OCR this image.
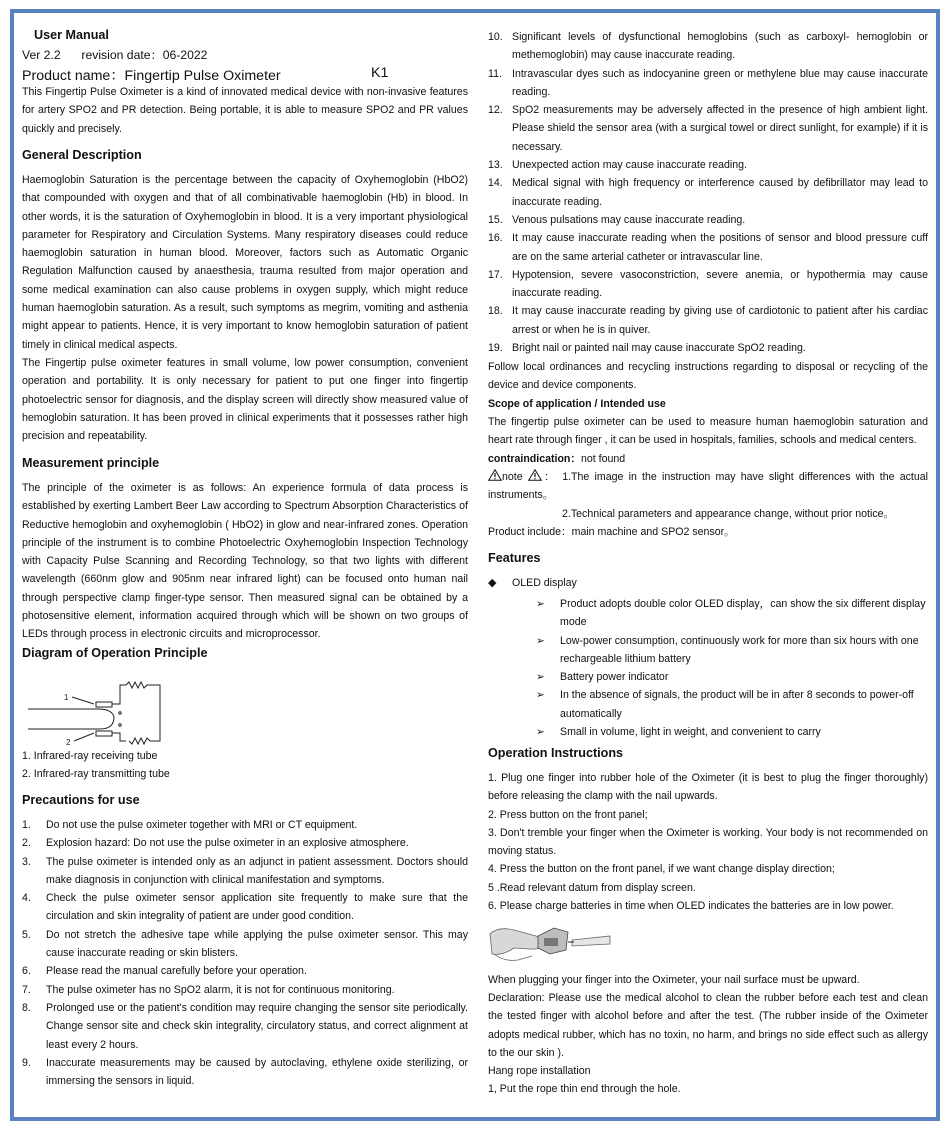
User Manual
Ver 2.2 revision date：06-2022
Product name：Fingertip Pulse Oximeter	K1

This Fingertip Pulse Oximeter is a kind of innovated medical device with non-invasive features for artery SPO2 and PR detection. Being portable, it is able to measure SPO2 and PR values quickly and precisely.

General Description

Haemoglobin Saturation is the percentage between the capacity of Oxyhemoglobin (HbO2) that compounded with oxygen and that of all combinativable haemoglobin (Hb) in blood. In other words, it is the saturation of Oxyhemoglobin in blood. It is a very important physiological parameter for Respiratory and Circulation Systems. Many respiratory diseases could reduce haemoglobin saturation in human blood. Moreover, factors such as Automatic Organic Regulation Malfunction caused by anaesthesia, trauma resulted from major operation and some medical examination can also cause problems in oxygen supply, which might reduce human haemoglobin saturation. As a result, such symptoms as megrim, vomiting and asthenia might appear to patients. Hence, it is very important to know hemoglobin saturation of patient timely in clinical medical aspects.

The Fingertip pulse oximeter features in small volume, low power consumption, convenient operation and portability. It is only necessary for patient to put one finger into fingertip photoelectric sensor for diagnosis, and the display screen will directly show measured value of hemoglobin saturation. It has been proved in clinical experiments that it possesses rather high precision and repeatability.

Measurement principle

The principle of the oximeter is as follows: An experience formula of data process is established by exerting Lambert Beer Law according to Spectrum Absorption Characteristics of Reductive hemoglobin and oxyhemoglobin ( HbO2) in glow and near-infrared zones. Operation principle of the instrument is to combine Photoelectric Oxyhemoglobin Inspection Technology with Capacity Pulse Scanning and Recording Technology, so that two lights with different wavelength (660nm glow and 905nm near infrared light) can be focused onto human nail through perspective clamp finger-type sensor. Then measured signal can be obtained by a photosensitive element, information acquired through which will be shown on two groups of LEDs through process in electronic circuits and microprocessor.

Diagram of Operation Principle
1
2
1. Infrared-ray receiving tube
2. Infrared-ray transmitting tube
Precautions for use
1.	Do not use the pulse oximeter together with MRI or CT equipment.
2.	Explosion hazard: Do not use the pulse oximeter in an explosive atmosphere.
3.	The pulse oximeter is intended only as an adjunct in patient assessment. Doctors should make diagnosis in conjunction with clinical manifestation and symptoms.
4.	Check the pulse oximeter sensor application site frequently to make sure that the circulation and skin integrality of patient are under good condition.
5.	Do not stretch the adhesive tape while applying the pulse oximeter sensor. This may cause inaccurate reading or skin blisters.
6.	Please read the manual carefully before your operation.
7.	The pulse oximeter has no SpO2 alarm, it is not for continuous monitoring.
8.	Prolonged use or the patient's condition may require changing the sensor site periodically. Change sensor site and check skin integrality, circulatory status, and correct alignment at least every 2 hours.
9.	Inaccurate measurements may be caused by autoclaving, ethylene oxide sterilizing, or immersing the sensors in liquid.
10. Significant levels of dysfunctional hemoglobins (such as carboxyl- hemoglobin or methemoglobin) may cause inaccurate reading.
11. Intravascular dyes such as indocyanine green or methylene blue may cause inaccurate reading.
12. SpO2 measurements may be adversely affected in the presence of high ambient light. Please shield the sensor area (with a surgical towel or direct sunlight, for example) if it is necessary.
13. Unexpected action may cause inaccurate reading.
14. Medical signal with high frequency or interference caused by defibrillator may lead to inaccurate reading.
15. Venous pulsations may cause inaccurate reading.
16. It may cause inaccurate reading when the positions of sensor and blood pressure cuff are on the same arterial catheter or intravascular line.
17. Hypotension, severe vasoconstriction, severe anemia, or hypothermia may cause inaccurate reading.
18. It may cause inaccurate reading by giving use of cardiotonic to patient after his cardiac arrest or when he is in quiver.
19. Bright nail or painted nail may cause inaccurate SpO2 reading.

Follow local ordinances and recycling instructions regarding to disposal or recycling of the device and device components.

Scope of application / Intended use

The fingertip pulse oximeter can be used to measure human haemoglobin saturation and heart rate through finger , it can be used in hospitals, families, schools and medical centers.

contraindication：not found

note ： 1.The image in the instruction may have slight differences with the actual instruments。

2.Technical parameters and appearance change, without prior notice。

Product include：main machine and SPO2 sensor。
Features
◆	OLED display
➢	Product adopts double color OLED display，can show the six different display mode
➢	Low-power consumption, continuously work for more than six hours with one rechargeable lithium battery
➢	Battery power indicator
➢	In the absence of signals, the product will be in after 8 seconds to power-off automatically
➢	Small in volume, light in weight, and convenient to carry
Operation Instructions

1. Plug one finger into rubber hole of the Oximeter (it is best to plug the finger thoroughly) before releasing the clamp with the nail upwards.

2. Press button on the front panel;

3. Don't tremble your finger when the Oximeter is working. Your body is not recommended on moving status.

4. Press the button on the front panel, if we want change display direction;

5 .Read relevant datum from display screen.

6. Please charge batteries in time when OLED indicates the batteries are in low power.

When plugging your finger into the Oximeter, your nail surface must be upward.

Declaration: Please use the medical alcohol to clean the rubber before each test and clean the tested finger with alcohol before and after the test. (The rubber inside of the Oximeter adopts medical rubber, which has no toxin, no harm, and brings no side effect such as allergy to the our skin ).

Hang rope installation
1, Put the rope thin end through the hole.
